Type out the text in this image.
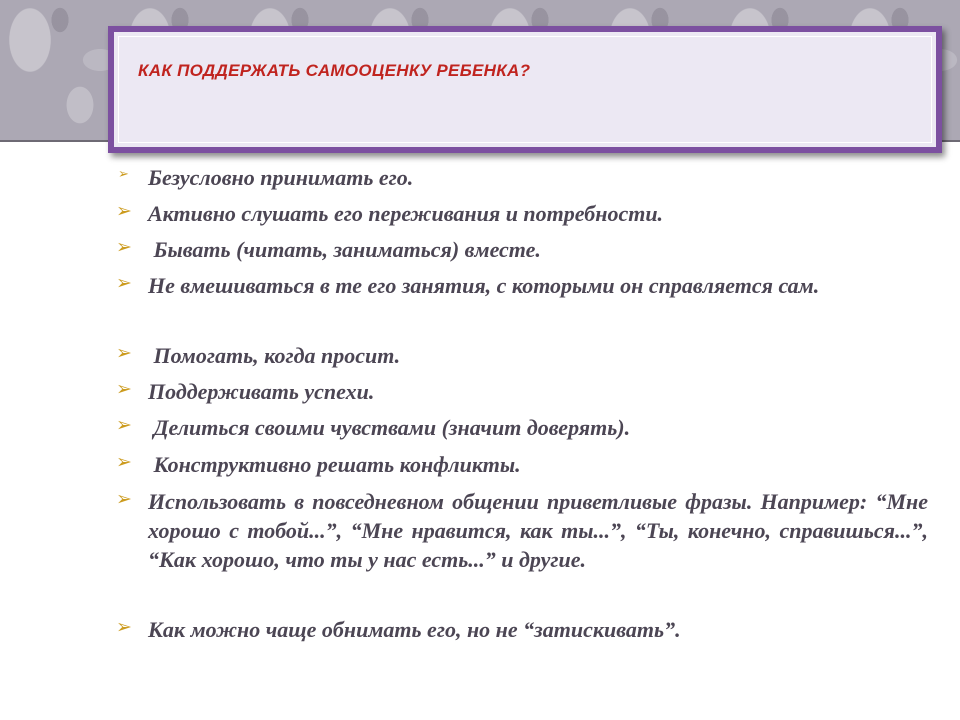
КАК ПОДДЕРЖАТЬ САМООЦЕНКУ РЕБЕНКА?
➢ Безусловно принимать его.
➢ Активно слушать его переживания и потребности.
➢ Бывать (читать, заниматься) вместе.
➢ Не вмешиваться в те его занятия, с которыми он справляется сам.
➢ Помогать, когда просит.
➢ Поддерживать успехи.
➢ Делиться своими чувствами (значит доверять).
➢ Конструктивно решать конфликты.
➢ Использовать в повседневном общении приветливые фразы. Например: “Мне хорошо с тобой...”, “Мне нравится, как ты...”, “Ты, конечно, справишься...”, “Как хорошо, что ты у нас есть...” и другие.
➢ Как можно чаще обнимать его, но не “затискивать”.
